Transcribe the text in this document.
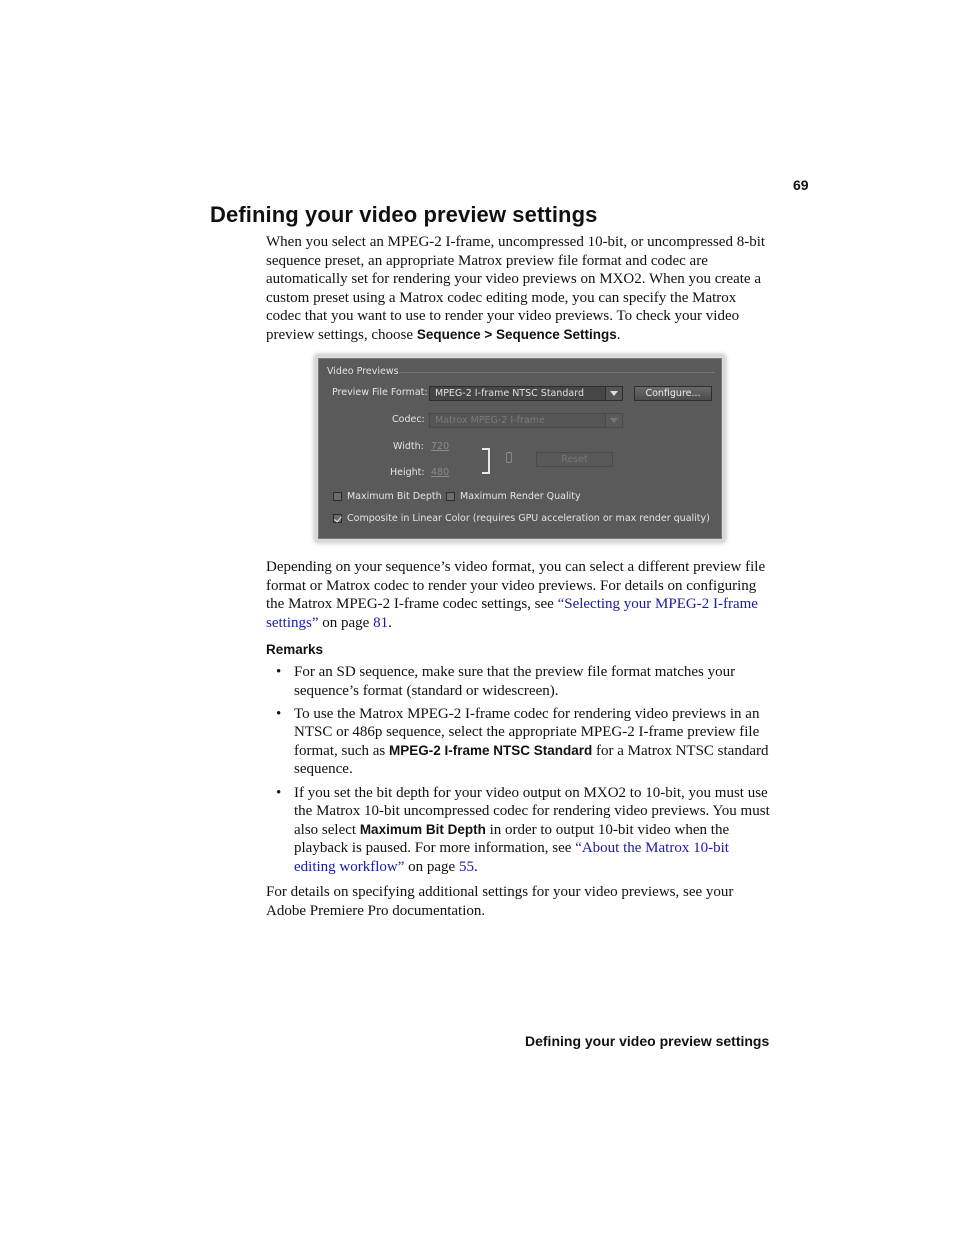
69
Defining your video preview settings

When you select an MPEG-2 I-frame, uncompressed 10-bit, or uncompressed 8-bit sequence preset, an appropriate Matrox preview file format and codec are automatically set for rendering your video previews on MXO2. When you create a custom preset using a Matrox codec editing mode, you can specify the Matrox codec that you want to use to render your video previews. To check your video preview settings, choose Sequence > Sequence Settings.

Video Previews
Preview File Format: MPEG-2 I-frame NTSC Standard	Configure...
Codec:	Matrox MPEG-2 I-frame
Width: 720
Height: 480
Reset
Maximum Bit Depth Maximum Render Quality
Composite in Linear Color (requires GPU acceleration or max render quality)

Depending on your sequence’s video format, you can select a different preview file format or Matrox codec to render your video previews. For details on configuring the Matrox MPEG-2 I-frame codec settings, see “Selecting your MPEG-2 I-frame settings” on page 81.

Remarks
• For an SD sequence, make sure that the preview file format matches your sequence’s format (standard or widescreen).
• To use the Matrox MPEG-2 I-frame codec for rendering video previews in an NTSC or 486p sequence, select the appropriate MPEG-2 I-frame preview file format, such as MPEG-2 I-frame NTSC Standard for a Matrox NTSC standard sequence.
• If you set the bit depth for your video output on MXO2 to 10-bit, you must use the Matrox 10-bit uncompressed codec for rendering video previews. You must also select Maximum Bit Depth in order to output 10-bit video when the playback is paused. For more information, see “About the Matrox 10-bit editing workflow” on page 55.

For details on specifying additional settings for your video previews, see your Adobe Premiere Pro documentation.

Defining your video preview settings
